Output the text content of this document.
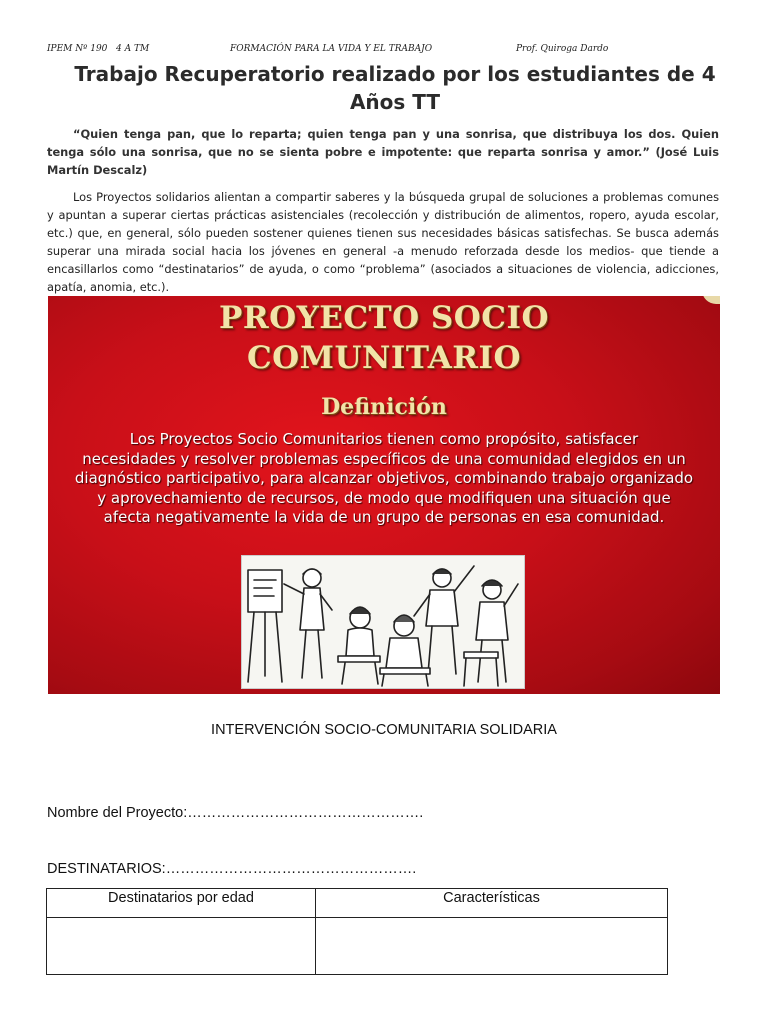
IPEM Nº 190 4 A TM	FORMACIÓN PARA LA VIDA Y EL TRABAJO	Prof. Quiroga Dardo
Trabajo Recuperatorio realizado por los estudiantes de 4
Años TT
“Quien tenga pan, que lo reparta; quien tenga pan y una sonrisa, que distribuya los dos. Quien tenga sólo una sonrisa, que no se sienta pobre e impotente: que reparta sonrisa y amor.” (José Luis Martín Descalz)
Los Proyectos solidarios alientan a compartir saberes y la búsqueda grupal de soluciones a problemas comunes y apuntan a superar ciertas prácticas asistenciales (recolección y distribución de alimentos, ropero, ayuda escolar, etc.) que, en general, sólo pueden sostener quienes tienen sus necesidades básicas satisfechas. Se busca además superar una mirada social hacia los jóvenes en general -a menudo reforzada desde los medios- que tiende a encasillarlos como “destinatarios” de ayuda, o como “problema” (asociados a situaciones de violencia, adicciones, apatía, anomia, etc.).
PROYECTO SOCIO
COMUNITARIO
Definición
Los Proyectos Socio Comunitarios tienen como propósito, satisfacer
necesidades y resolver problemas específicos de una comunidad elegidos en un
diagnóstico participativo, para alcanzar objetivos, combinando trabajo organizado
y aprovechamiento de recursos, de modo que modifiquen una situación que
afecta negativamente la vida de un grupo de personas en esa comunidad.
INTERVENCIÓN SOCIO-COMUNITARIA SOLIDARIA
Nombre del Proyecto:………………………………………….
DESTINATARIOS:…………………………………………….
Destinatarios por edad	Características
